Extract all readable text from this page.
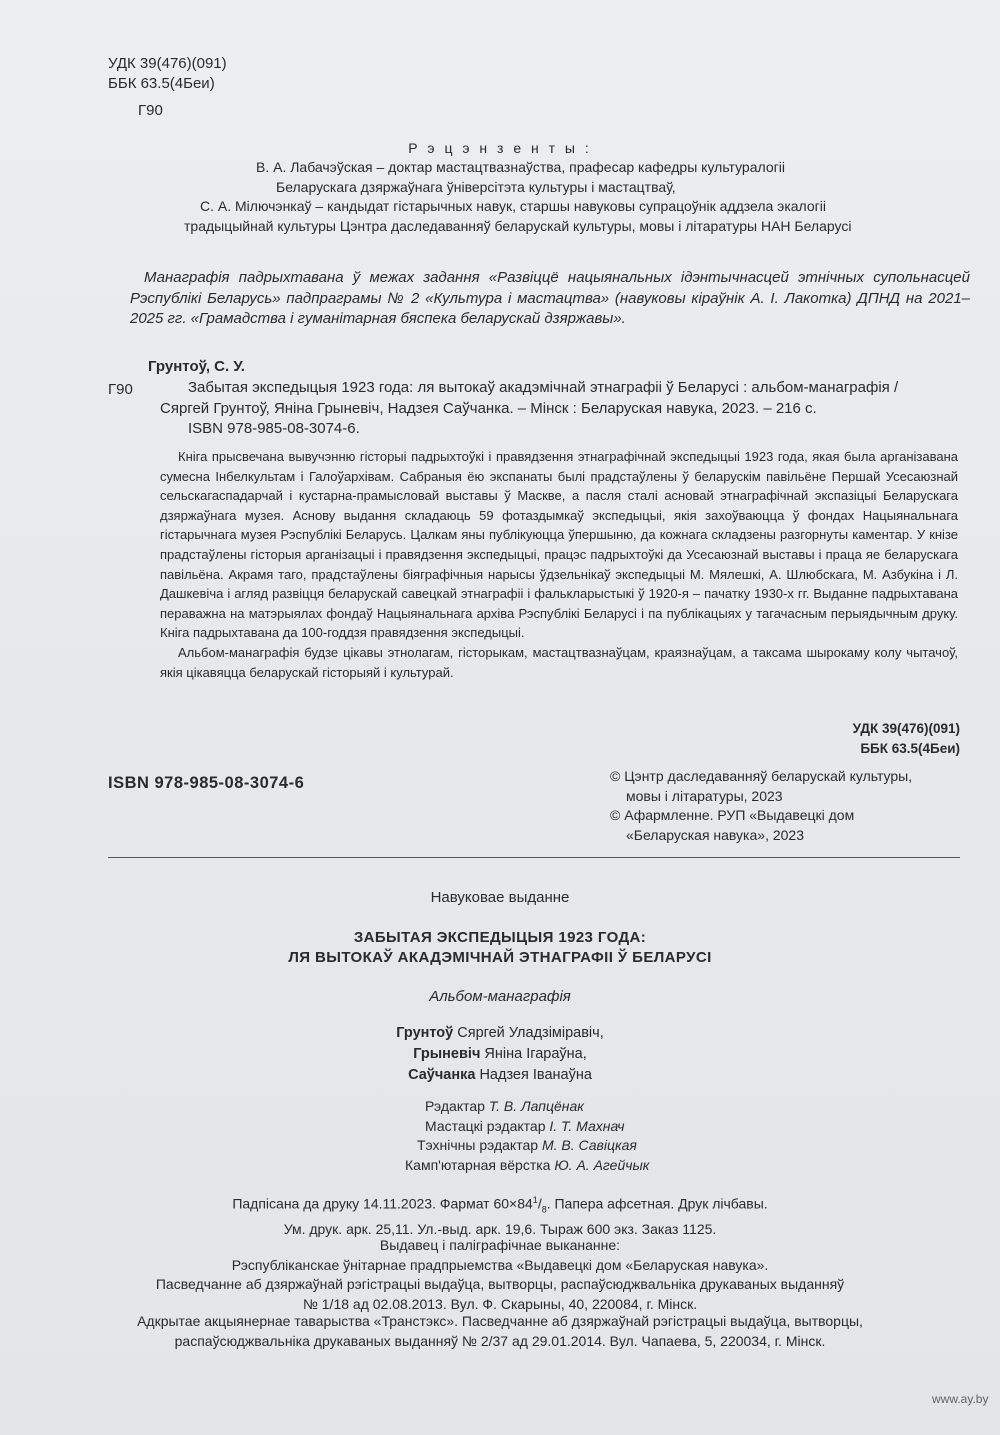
УДК 39(476)(091)
ББК 63.5(4Беи)
Г90
Р э ц э н з е н т ы :
В. А. Лабачэўская – доктар мастацтвазнаўства, прафесар кафедры культуралогіі
Беларускага дзяржаўнага ўніверсітэта культуры і мастацтваў,
С. А. Мілючэнкаў – кандыдат гістарычных навук, старшы навуковы супрацоўнік аддзела экалогіі
традыцыйнай культуры Цэнтра даследаванняў беларускай культуры, мовы і літаратуры НАН Беларусі
Манаграфія падрыхтавана ў межах задання «Развіццё нацыянальных ідэнтычнасцей этнічных супольнасцей Рэспублікі Беларусь» падпраграмы № 2 «Культура і мастацтва» (навуковы кіраўнік А. І. Лакотка) ДПНД на 2021–2025 гг. «Грамадства і гуманітарная бяспека беларускай дзяржавы».
Грунтоў, С. У.
Г90	Забытая экспедыцыя 1923 года: ля вытокаў акадэмічнай этнаграфіі ў Беларусі : альбом-манаграфія /
Сяргей Грунтоў, Яніна Грыневіч, Надзея Саўчанка. – Мінск : Беларуская навука, 2023. – 216 с.
ISBN 978-985-08-3074-6.

Кніга прысвечана вывучэнню гісторыі падрыхтоўкі і правядзення этнаграфічнай экспедыцыі 1923 года, якая была арганізавана сумесна Інбелкультам і Галоўархівам. Сабраныя ёю экспанаты былі прадстаўлены ў беларускім павільёне Першай Усесаюзнай сельскагаспадарчай і кустарна-прамысловай выставы ў Маскве, а пасля сталі асновай этнаграфічнай экспазіцыі Беларускага дзяржаўнага музея. Аснову выдання складаюць 59 фотаздымкаў экспедыцыі, якія захоўваюцца ў фондах Нацыянальнага гістарычнага музея Рэспублікі Беларусь. Цалкам яны публікуюцца ўпершыню, да кожнага складзены разгорнуты каментар. У кнізе прадстаўлены гісторыя арганізацыі і правядзення экспедыцыі, працэс падрыхтоўкі да Усесаюзнай выставы і праца яе беларускага павільёна. Акрамя таго, прадстаўлены біяграфічныя нарысы ўдзельнікаў экспедыцыі М. Мялешкі, А. Шлюбскага, М. Азбукіна і Л. Дашкевіча і агляд развіцця беларускай савецкай этнаграфіі і фалькларыстыкі ў 1920-я – пачатку 1930-х гг. Выданне падрыхтавана пераважна на матэрыялах фондаў Нацыянальнага архіва Рэспублікі Беларусі і па публікацыях у тагачасным перыядычным друку. Кніга падрыхтавана да 100-годдзя правядзення экспедыцыі.

Альбом-манаграфія будзе цікавы этнолагам, гісторыкам, мастацтвазнаўцам, краязнаўцам, а таксама шырокаму колу чытачоў, якія цікавяцца беларускай гісторыяй і культурай.

УДК 39(476)(091)
ББК 63.5(4Беи)
ISBN 978-985-08-3074-6	© Цэнтр даследаванняў беларускай культуры,
мовы і літаратуры, 2023
© Афармленне. РУП «Выдавецкі дом
«Беларуская навука», 2023
Навуковае выданне
ЗАБЫТАЯ ЭКСПЕДЫЦЫЯ 1923 ГОДА:
ЛЯ ВЫТОКАЎ АКАДЭМІЧНАЙ ЭТНАГРАФІІ Ў БЕЛАРУСІ
Альбом-манаграфія
Грунтоў Сяргей Уладзіміравіч,
Грыневіч Яніна Ігараўна,
Саўчанка Надзея Іванаўна
Рэдактар Т. В. Лапцёнак
Мастацкі рэдактар І. Т. Махнач
Тэхнічны рэдактар М. В. Савіцкая
Камп'ютарная вёрстка Ю. А. Агейчык
Падпісана да друку 14.11.2023. Фармат $60\times 84^1/_8$. Папера афсетная. Друк лічбавы.
Ум. друк. арк. 25,11. Ул.-выд. арк. 19,6. Тыраж 600 экз. Заказ 1125.
Выдавец і паліграфічнае выкананне:
Рэспубліканскае ўнітарнае прадпрыемства «Выдавецкі дом «Беларуская навука».
Пасведчанне аб дзяржаўнай рэгістрацыі выдаўца, вытворцы, распаўсюджвальніка друкаваных выданняў
№ 1/18 ад 02.08.2013. Вул. Ф. Скарыны, 40, 220084, г. Мінск.
Адкрытае акцыянернае таварыства «Транстэкс». Пасведчанне аб дзяржаўнай рэгістрацыі выдаўца, вытворцы,
распаўсюджвальніка друкаваных выданняў № 2/37 ад 29.01.2014. Вул. Чапаева, 5, 220034, г. Мінск.
www.ay.by
